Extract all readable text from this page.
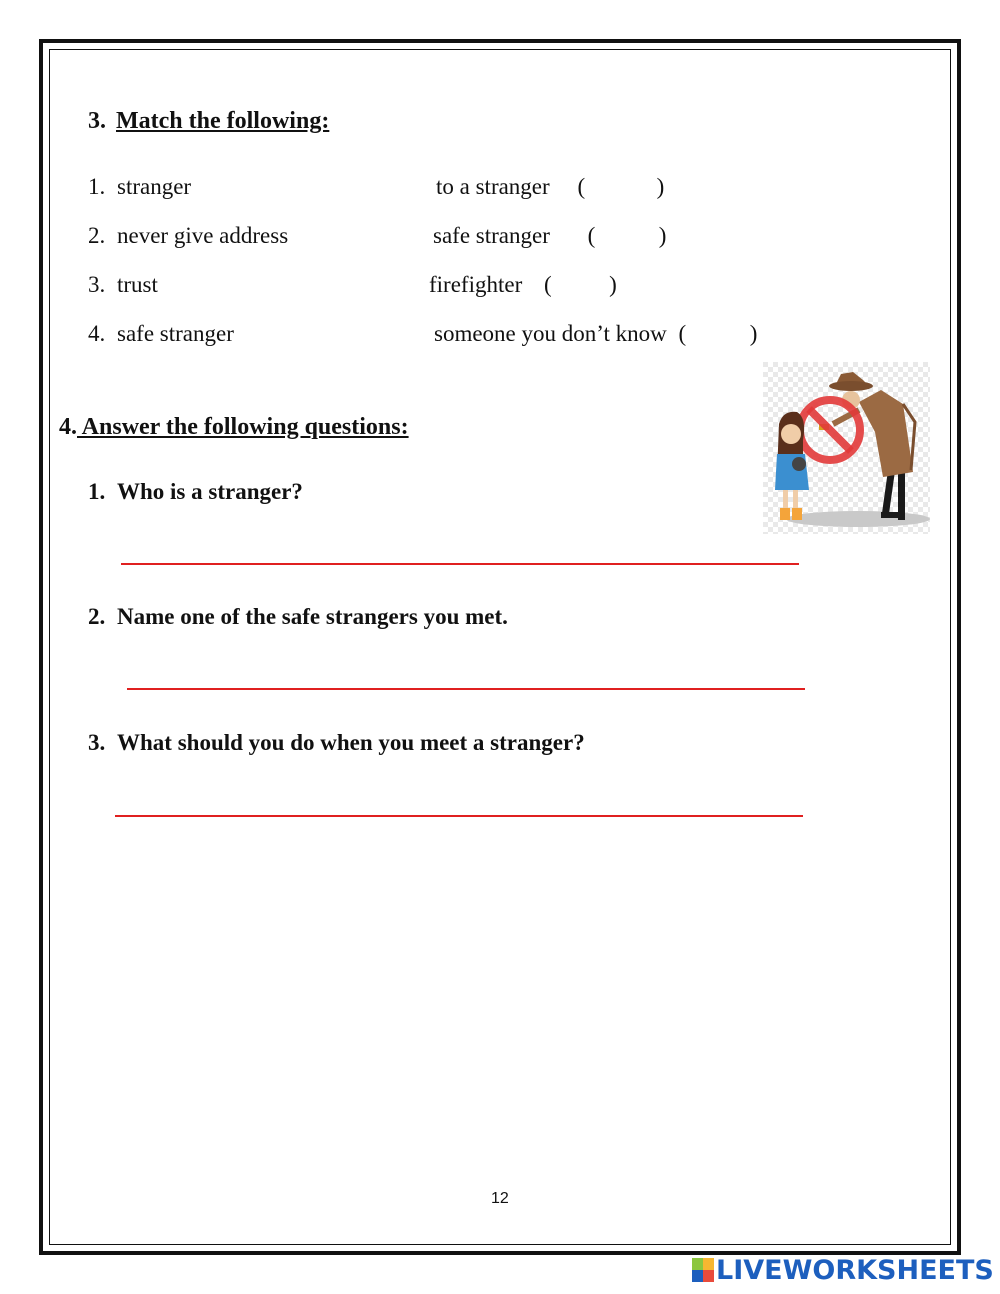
3. Match the following:
1. stranger	to a stranger (	)
2. never give address	safe stranger (	)
3. trust	firefighter (	)
4. safe stranger	someone you don’t know (	)
4. Answer the following questions:
1. Who is a stranger?
2. Name one of the safe strangers you met.
3. What should you do when you meet a stranger?
12
LIVEWORKSHEETS
